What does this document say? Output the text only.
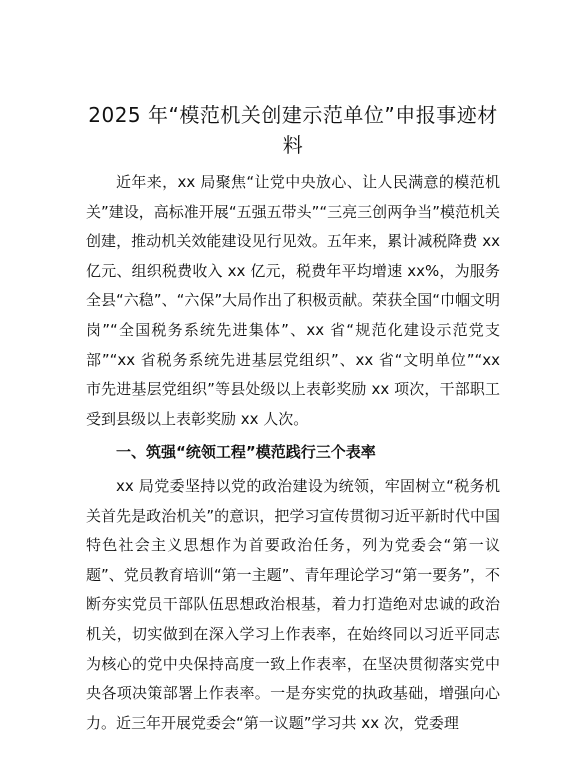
2025 年“模范机关创建示范单位”申报事迹材料

近年来，xx 局聚焦“让党中央放心、让人民满意的模范机关”建设，高标准开展“五强五带头”“三亮三创两争当”模范机关创建，推动机关效能建设见行见效。五年来，累计减税降费 xx 亿元、组织税费收入 xx 亿元，税费年平均增速 xx%，为服务全县“六稳”、“六保”大局作出了积极贡献。荣获全国“巾帼文明岗”“全国税务系统先进集体”、xx 省“规范化建设示范党支部”“xx 省税务系统先进基层党组织”、xx 省“文明单位”“xx 市先进基层党组织”等县处级以上表彰奖励 xx 项次，干部职工受到县级以上表彰奖励 xx 人次。

一、筑强“统领工程”模范践行三个表率

xx 局党委坚持以党的政治建设为统领，牢固树立“税务机关首先是政治机关”的意识，把学习宣传贯彻习近平新时代中国特色社会主义思想作为首要政治任务，列为党委会“第一议题”、党员教育培训“第一主题”、青年理论学习“第一要务”，不断夯实党员干部队伍思想政治根基，着力打造绝对忠诚的政治机关，切实做到在深入学习上作表率，在始终同以习近平同志为核心的党中央保持高度一致上作表率，在坚决贯彻落实党中央各项决策部署上作表率。一是夯实党的执政基础，增强向心力。近三年开展党委会“第一议题”学习共 xx 次，党委理
